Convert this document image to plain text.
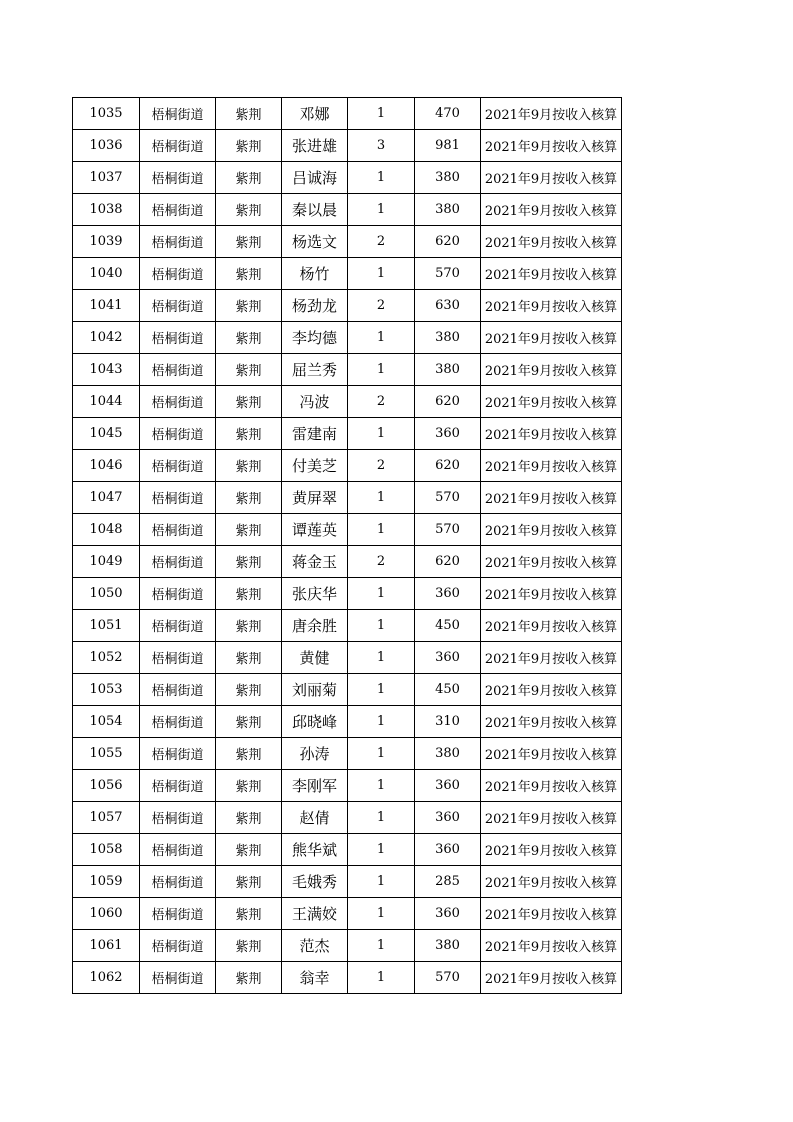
1035	梧桐街道	紫荆	邓娜	1	470	2021年9月按收入核算
1036	梧桐街道	紫荆	张进雄	3	981	2021年9月按收入核算
1037	梧桐街道	紫荆	吕诚海	1	380	2021年9月按收入核算
1038	梧桐街道	紫荆	秦以晨	1	380	2021年9月按收入核算
1039	梧桐街道	紫荆	杨选文	2	620	2021年9月按收入核算
1040	梧桐街道	紫荆	杨竹	1	570	2021年9月按收入核算
1041	梧桐街道	紫荆	杨劲龙	2	630	2021年9月按收入核算
1042	梧桐街道	紫荆	李均德	1	380	2021年9月按收入核算
1043	梧桐街道	紫荆	屈兰秀	1	380	2021年9月按收入核算
1044	梧桐街道	紫荆	冯波	2	620	2021年9月按收入核算
1045	梧桐街道	紫荆	雷建南	1	360	2021年9月按收入核算
1046	梧桐街道	紫荆	付美芝	2	620	2021年9月按收入核算
1047	梧桐街道	紫荆	黄屏翠	1	570	2021年9月按收入核算
1048	梧桐街道	紫荆	谭莲英	1	570	2021年9月按收入核算
1049	梧桐街道	紫荆	蒋金玉	2	620	2021年9月按收入核算
1050	梧桐街道	紫荆	张庆华	1	360	2021年9月按收入核算
1051	梧桐街道	紫荆	唐余胜	1	450	2021年9月按收入核算
1052	梧桐街道	紫荆	黄健	1	360	2021年9月按收入核算
1053	梧桐街道	紫荆	刘丽菊	1	450	2021年9月按收入核算
1054	梧桐街道	紫荆	邱晓峰	1	310	2021年9月按收入核算
1055	梧桐街道	紫荆	孙涛	1	380	2021年9月按收入核算
1056	梧桐街道	紫荆	李刚军	1	360	2021年9月按收入核算
1057	梧桐街道	紫荆	赵倩	1	360	2021年9月按收入核算
1058	梧桐街道	紫荆	熊华斌	1	360	2021年9月按收入核算
1059	梧桐街道	紫荆	毛娥秀	1	285	2021年9月按收入核算
1060	梧桐街道	紫荆	王满姣	1	360	2021年9月按收入核算
1061	梧桐街道	紫荆	范杰	1	380	2021年9月按收入核算
1062	梧桐街道	紫荆	翁幸	1	570	2021年9月按收入核算
